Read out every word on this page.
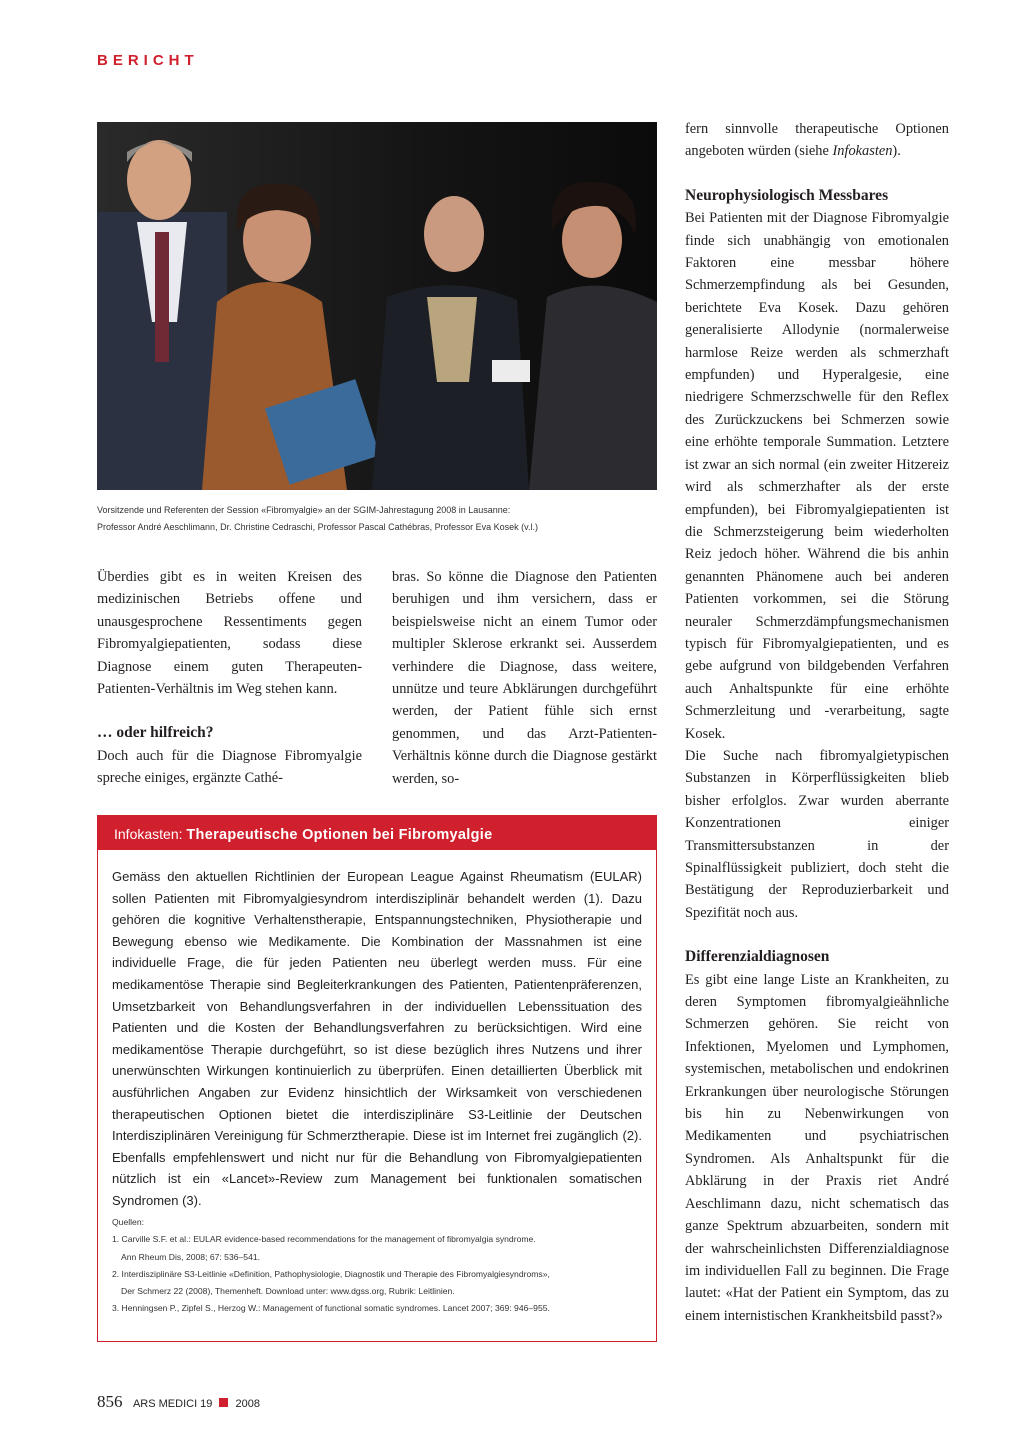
BERICHT
Vorsitzende und Referenten der Session «Fibromyalgie» an der SGIM-Jahrestagung 2008 in Lausanne:
Professor André Aeschlimann, Dr. Christine Cedraschi, Professor Pascal Cathébras, Professor Eva Kosek (v.l.)

Überdies gibt es in weiten Kreisen des medizinischen Betriebs offene und unausgesprochene Ressentiments gegen Fibromyalgiepatienten, sodass diese Diagnose einem guten Therapeuten-Patienten-Verhältnis im Weg stehen kann.

… oder hilfreich?

Doch auch für die Diagnose Fibromyalgie spreche einiges, ergänzte Cathé-

bras. So könne die Diagnose den Patienten beruhigen und ihm versichern, dass er beispielsweise nicht an einem Tumor oder multipler Sklerose erkrankt sei. Ausserdem verhindere die Diagnose, dass weitere, unnütze und teure Abklärungen durchgeführt werden, der Patient fühle sich ernst genommen, und das Arzt-Patienten-Verhältnis könne durch die Diagnose gestärkt werden, so-

fern sinnvolle therapeutische Optionen angeboten würden (siehe Infokasten).

Neurophysiologisch Messbares

Bei Patienten mit der Diagnose Fibromyalgie finde sich unabhängig von emotionalen Faktoren eine messbar höhere Schmerzempfindung als bei Gesunden, berichtete Eva Kosek. Dazu gehören generalisierte Allodynie (normalerweise harmlose Reize werden als schmerzhaft empfunden) und Hyperalgesie, eine niedrigere Schmerzschwelle für den Reflex des Zurückzuckens bei Schmerzen sowie eine erhöhte temporale Summation. Letztere ist zwar an sich normal (ein zweiter Hitzereiz wird als schmerzhafter als der erste empfunden), bei Fibromyalgiepatienten ist die Schmerzsteigerung beim wiederholten Reiz jedoch höher. Während die bis anhin genannten Phänomene auch bei anderen Patienten vorkommen, sei die Störung neuraler Schmerzdämpfungsmechanismen typisch für Fibromyalgiepatienten, und es gebe aufgrund von bildgebenden Verfahren auch Anhaltspunkte für eine erhöhte Schmerzleitung und -verarbeitung, sagte Kosek.

Die Suche nach fibromyalgietypischen Substanzen in Körperflüssigkeiten blieb bisher erfolglos. Zwar wurden aberrante Konzentrationen einiger Transmittersubstanzen in der Spinalflüssigkeit publiziert, doch steht die Bestätigung der Reproduzierbarkeit und Spezifität noch aus.

Differenzialdiagnosen

Es gibt eine lange Liste an Krankheiten, zu deren Symptomen fibromyalgieähnliche Schmerzen gehören. Sie reicht von Infektionen, Myelomen und Lymphomen, systemischen, metabolischen und endokrinen Erkrankungen über neurologische Störungen bis hin zu Nebenwirkungen von Medikamenten und psychiatrischen Syndromen. Als Anhaltspunkt für die Abklärung in der Praxis riet André Aeschlimann dazu, nicht schematisch das ganze Spektrum abzuarbeiten, sondern mit der wahrscheinlichsten Differenzialdiagnose im individuellen Fall zu beginnen. Die Frage lautet: «Hat der Patient ein Symptom, das zu einem internistischen Krankheitsbild passt?»

Infokasten: Therapeutische Optionen bei Fibromyalgie
Gemäss den aktuellen Richtlinien der European League Against Rheumatism (EULAR) sollen Patienten mit Fibromyalgiesyndrom interdisziplinär behandelt werden (1). Dazu gehören die kognitive Verhaltenstherapie, Entspannungstechniken, Physiotherapie und Bewegung ebenso wie Medikamente. Die Kombination der Massnahmen ist eine individuelle Frage, die für jeden Patienten neu überlegt werden muss. Für eine medikamentöse Therapie sind Begleiterkrankungen des Patienten, Patientenpräferenzen, Umsetzbarkeit von Behandlungsverfahren in der individuellen Lebenssituation des Patienten und die Kosten der Behandlungsverfahren zu berücksichtigen. Wird eine medikamentöse Therapie durchgeführt, so ist diese bezüglich ihres Nutzens und ihrer unerwünschten Wirkungen kontinuierlich zu überprüfen. Einen detaillierten Überblick mit ausführlichen Angaben zur Evidenz hinsichtlich der Wirksamkeit von verschiedenen therapeutischen Optionen bietet die interdisziplinäre S3-Leitlinie der Deutschen Interdisziplinären Vereinigung für Schmerztherapie. Diese ist im Internet frei zugänglich (2). Ebenfalls empfehlenswert und nicht nur für die Behandlung von Fibromyalgiepatienten nützlich ist ein «Lancet»-Review zum Management bei funktionalen somatischen Syndromen (3).
Quellen:
1. Carville S.F. et al.: EULAR evidence-based recommendations for the management of fibromyalgia syndrome.
Ann Rheum Dis, 2008; 67: 536–541.
2. Interdisziplinäre S3-Leitlinie «Definition, Pathophysiologie, Diagnostik und Therapie des Fibromyalgiesyndroms»,
Der Schmerz 22 (2008), Themenheft. Download unter: www.dgss.org, Rubrik: Leitlinien.
3. Henningsen P., Zipfel S., Herzog W.: Management of functional somatic syndromes. Lancet 2007; 369: 946–955.
856 ARS MEDICI 19 2008
